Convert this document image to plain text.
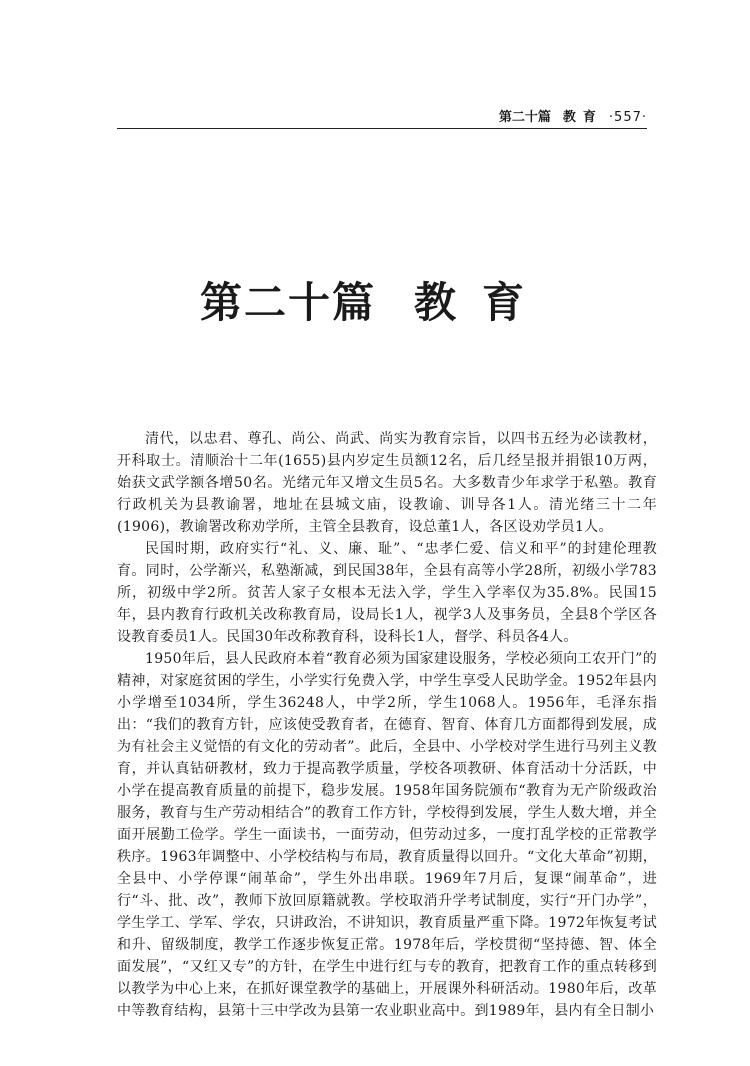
第二十篇 教育 ·557·
第二十篇 教育

清代，以忠君、尊孔、尚公、尚武、尚实为教育宗旨，以四书五经为必读教材，开科取士。清顺治十二年(1655)县内岁定生员额12名，后几经呈报并捐银10万两，始获文武学额各增50名。光绪元年又增文生员5名。大多数青少年求学于私塾。教育行政机关为县教谕署，地址在县城文庙，设教谕、训导各1人。清光绪三十二年(1906)，教谕署改称劝学所，主管全县教育，设总董1人，各区设劝学员1人。

民国时期，政府实行“礼、义、廉、耻”、“忠孝仁爱、信义和平”的封建伦理教育。同时，公学渐兴，私塾渐减，到民国38年，全县有高等小学28所，初级小学783所，初级中学2所。贫苦人家子女根本无法入学，学生入学率仅为35.8%。民国15年，县内教育行政机关改称教育局，设局长1人，视学3人及事务员，全县8个学区各设教育委员1人。民国30年改称教育科，设科长1人，督学、科员各4人。

1950年后，县人民政府本着“教育必须为国家建设服务，学校必须向工农开门”的精神，对家庭贫困的学生，小学实行免费入学，中学生享受人民助学金。1952年县内小学增至1034所，学生36248人，中学2所，学生1068人。1956年，毛泽东指出：“我们的教育方针，应该使受教育者，在德育、智育、体育几方面都得到发展，成为有社会主义觉悟的有文化的劳动者”。此后，全县中、小学校对学生进行马列主义教育，并认真钻研教材，致力于提高教学质量，学校各项教研、体育活动十分活跃，中小学在提高教育质量的前提下，稳步发展。1958年国务院颁布“教育为无产阶级政治服务，教育与生产劳动相结合”的教育工作方针，学校得到发展，学生人数大增，并全面开展勤工俭学。学生一面读书，一面劳动，但劳动过多，一度打乱学校的正常教学秩序。1963年调整中、小学校结构与布局，教育质量得以回升。“文化大革命”初期，全县中、小学停课“闹革命”，学生外出串联。1969年7月后，复课“闹革命”，进行“斗、批、改”，教师下放回原籍就教。学校取消升学考试制度，实行“开门办学”，学生学工、学军、学农，只讲政治，不讲知识，教育质量严重下降。1972年恢复考试和升、留级制度，教学工作逐步恢复正常。1978年后，学校贯彻“坚持德、智、体全面发展”，“又红又专”的方针，在学生中进行红与专的教育，把教育工作的重点转移到以教学为中心上来，在抓好课堂教学的基础上，开展课外科研活动。1980年后，改革中等教育结构，县第十三中学改为县第一农业职业高中。到1989年，县内有全日制小
